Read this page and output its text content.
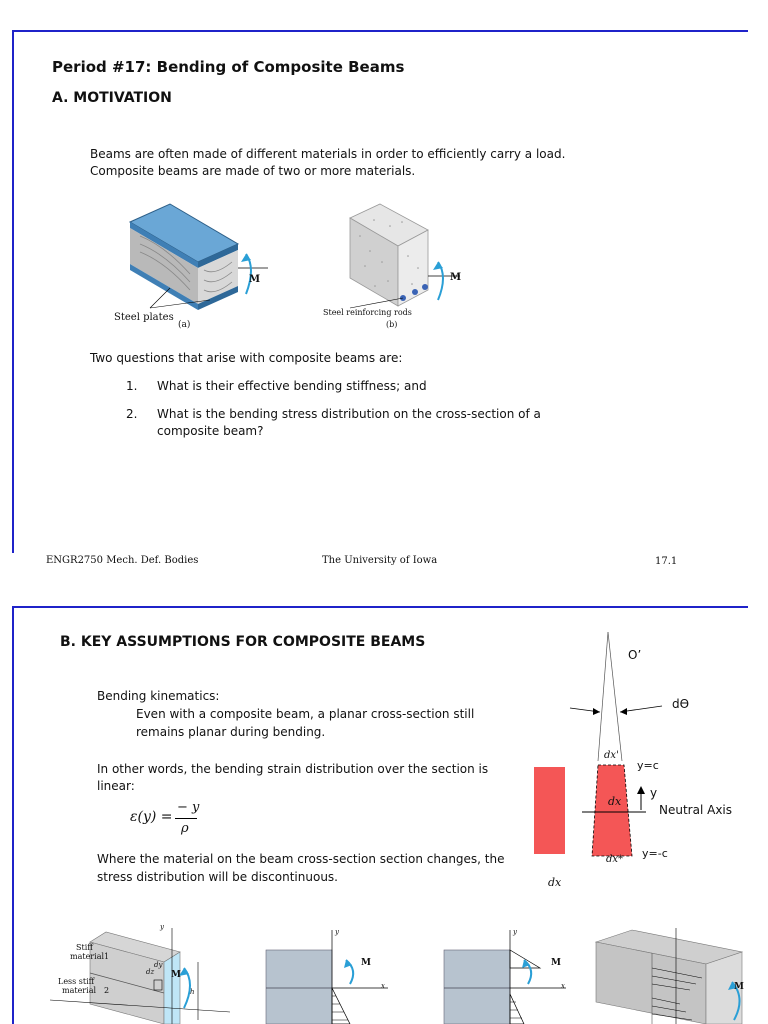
Period #17: Bending of Composite Beams
A. MOTIVATION
Beams are often made of different materials in order to efficiently carry a load.
Composite beams are made of two or more materials.
M
Steel plates
(a)
M
Steel reinforcing rods
(b)
Two questions that arise with composite beams are:
1. What is their effective bending stiffness; and
2. What is the bending stress distribution on the cross-section of a
composite beam?
ENGR2750 Mech. Def. Bodies	The University of Iowa	17.1
B. KEY ASSUMPTIONS FOR COMPOSITE BEAMS
Bending kinematics:
Even with a composite beam, a planar cross-section still
remains planar during bending.
In other words, the bending strain distribution over the section is
linear:
ε(y) =
− y
ρ
Where the material on the beam cross-section section changes, the
stress distribution will be discontinuous.
O’
dϴ
dx'
y=c
y
dx
Neutral Axis
y=-c
dx*
dx
Stiff
material 1
Less stiff
material 2
M
y
h
dy
dz
M
y
x
M
y
x	M
